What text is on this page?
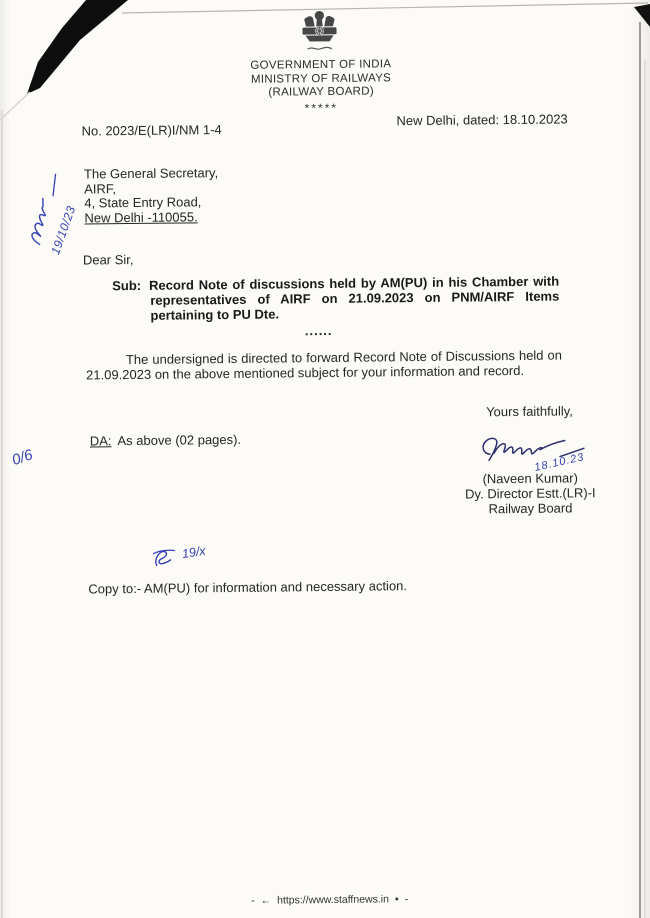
GOVERNMENT OF INDIA
MINISTRY OF RAILWAYS
(RAILWAY BOARD)
*****
No. 2023/E(LR)I/NM 1-4
New Delhi, dated: 18.10.2023
The General Secretary,
AIRF,
4, State Entry Road,
New Delhi -110055.
Dear Sir,
Sub: Record Note of discussions held by AM(PU) in his Chamber with representatives of AIRF on 21.09.2023 on PNM/AIRF Items pertaining to PU Dte.
......
The undersigned is directed to forward Record Note of Discussions held on 21.09.2023 on the above mentioned subject for your information and record.
Yours faithfully,
DA: As above (02 pages).
18.10.23
(Naveen Kumar)
Dy. Director Estt.(LR)-I
Railway Board
19/x
Copy to:- AM(PU) for information and necessary action.
19/10/23
0/6
- ← https://www.staffnews.in ▪ -
